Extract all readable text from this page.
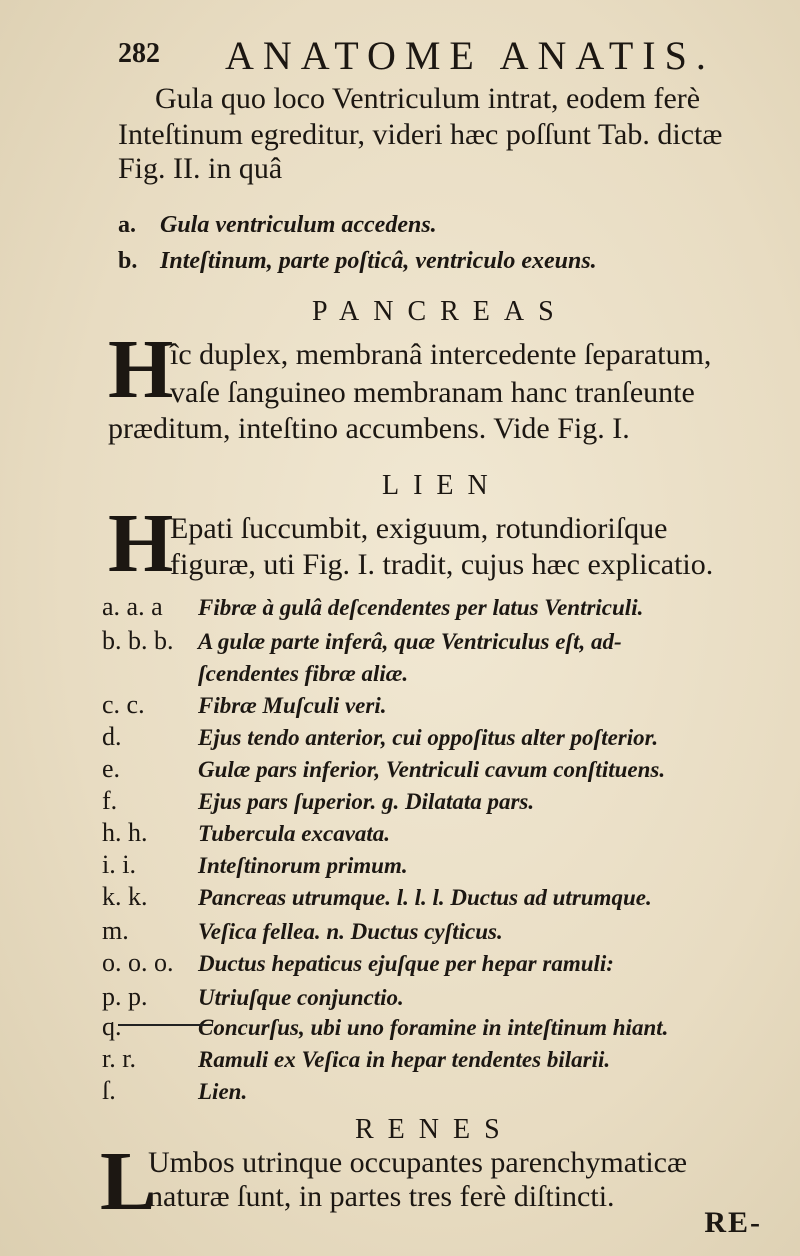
282 ANATOME ANATIS.
Gula quo loco Ventriculum intrat, eodem ferè
Inteſtinum egreditur, videri hæc poſſunt Tab. dictæ
Fig. II. in quâ
a. Gula ventriculum accedens.
b. Inteſtinum, parte poſticâ, ventriculo exeuns.
PANCREAS
H
îc duplex, membranâ intercedente ſeparatum,
vaſe ſanguineo membranam hanc tranſeunte
præditum, inteſtino accumbens. Vide Fig. I.
LIEN
H
Epati ſuccumbit, exiguum, rotundioriſque
figuræ, uti Fig. I. tradit, cujus hæc explicatio.
a. a. a Fibræ à gulâ deſcendentes per latus Ventriculi.
b. b. b. A gulæ parte inferâ, quæ Ventriculus eſt, ad-
ſcendentes fibræ aliæ.
c. c. Fibræ Muſculi veri.
d.	Ejus tendo anterior, cui oppoſitus alter poſterior.
e.	Gulæ pars inferior, Ventriculi cavum conſtituens.
f.	Ejus pars ſuperior. g. Dilatata pars.
h. h. Tubercula excavata.
i. i.	Inteſtinorum primum.
k. k. Pancreas utrumque. l. l. l. Ductus ad utrumque.
m.	Veſica fellea. n. Ductus cyſticus.
o. o. o. Ductus hepaticus ejuſque per hepar ramuli:
p. p. Utriuſque conjunctio.
q.	Concurſus, ubi uno foramine in inteſtinum hiant.
r. r.	Ramuli ex Veſica in hepar tendentes bilarii.
ſ.	Lien.
RENES
L
Umbos utrinque occupantes parenchymaticæ
naturæ ſunt, in partes tres ferè diſtincti.
RE-
